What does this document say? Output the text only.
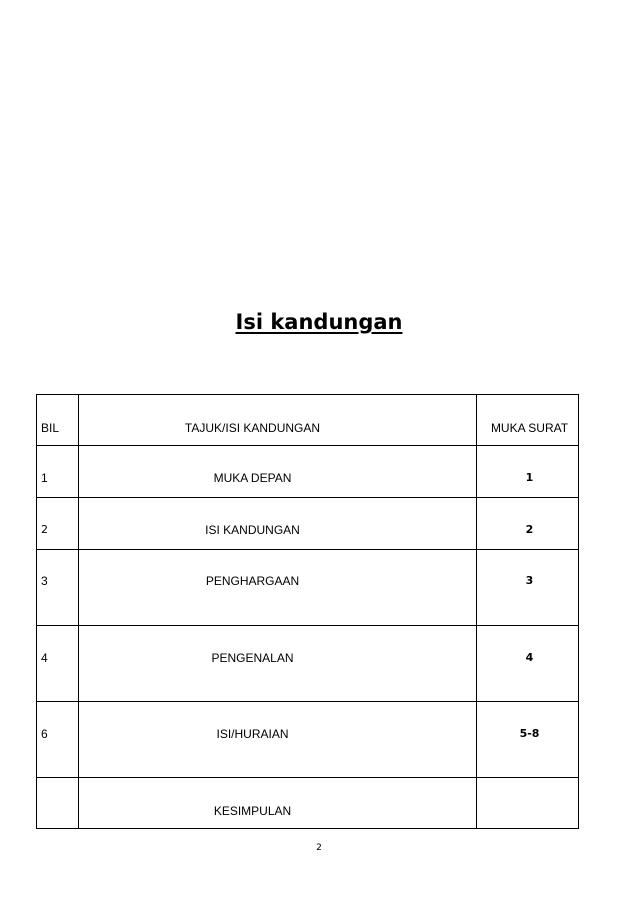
Isi kandungan
BIL	TAJUK/ISI KANDUNGAN	MUKA SURAT

1	MUKA DEPAN	1

2	ISI KANDUNGAN	2

3	PENGHARGAAN	3

4	PENGENALAN	4

6	ISI/HURAIAN	5-8

	KESIMPULAN	

2
